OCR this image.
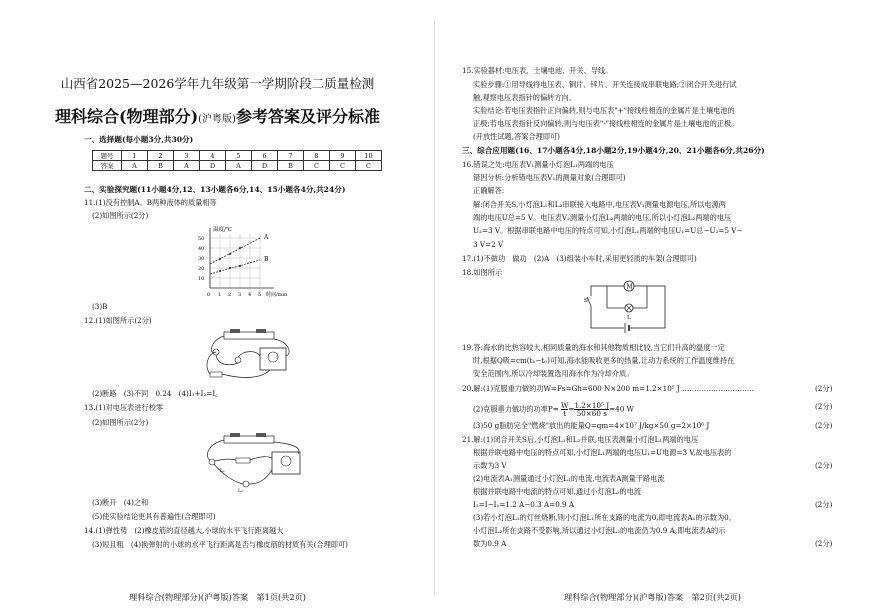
山西省2025—2026学年九年级第一学期阶段二质量检测
理科综合(物理部分)(沪粤版)参考答案及评分标准
一、选择题(每小题3分,共30分)
题号	1	2	3	4	5	6	7	8	9	10
答案	A	B	A	D	A	D	B	C	C	C
二、实验探究题(11小题4分,12、13小题各6分,14、15小题各4分,共24分)
11.(1)没有控制A、B两种液体的质量相等
(2)如图所示(2分)
温度/℃
A
B
50
40
30
20
10
0 1 2 3 4 5 时间/min
(3)B
12.(1)如图所示(2分)
(2)断路　(3)不同　0.24　(4)I₁+I₂=I꜀
13.(1)对电压表进行校零
(2)如图所示(2分)
L₁
L₂
(3)断开　(4)之和
(5)使实验结论更具有普遍性(合理即可)
14.(1)弹性势　(2)橡皮筋的直径越大,小球的水平飞行距离越大
(3)短且粗　(4)换弹射的小球的水平飞行距离是否与橡皮筋的材质有关(合理即可)
理科综合(物理部分)(沪粤版)答案　第1页(共2页)
15.实验器材:电压表、土壤电池、开关、导线。
实验步骤:①用导线将电压表、铜片、锌片、开关连接成串联电路;②闭合开关进行试
触,观察电压表指针的偏转方向。
实验结论:若电压表指针正向偏转,则与电压表"+"接线柱相连的金属片是土壤电池的
正极;若电压表指针反向偏转,则与电压表"-"接线柱相连的金属片是土壤电池的正极。
(开放性试题,答案合理即可)
三、综合应用题(16、17小题各4分,18小题2分,19小题4分,20、21小题各6分,共26分)
16.错误之处:电压表V₁测量小灯泡L₁两端的电压
错因分析:分析错电压表V₁的测量对象(合理即可)
正确解答:
解:闭合开关S,小灯泡L₁和L₂串联接入电路中,电压表V₁测量电源电压,所以电源两
端的电压U总=5 V。电压表V₂测量小灯泡L₂两端的电压,所以小灯泡L₂两端的电压
U₂=3 V。根据串联电路中电压的特点可知,小灯泡L₁两端的电压U₁=U总−U₂=5 V−
3 V=2 V
17.(1)不做功　做功　(2)A　(3)组装小车时,采用更轻质的车架(合理即可)
18.如图所示
M
L
S
19.答:海水的比热容较大,相同质量的海水和其他物质相比较,当它们升高的温度一定
时,根据Q吸=cm(t₁−t₀)可知,海水能吸收更多的热量,让动力系统的工作温度维持在
安全范围内,所以冷却装置选用海水作为冷却介质。
20.解:(1)克服重力做的功W=Fs=Gh=600 N×200 m=1.2×10⁵ J …………………………	(2分)
(2)克服重力做功的功率$P= \frac{W}{t} = \frac{\text{1.2×10⁵ J}}{50\times 60 s} =40$ W	(2分)
(3)50 g脂肪完全"燃烧"放出的能量Q=qm=4×10⁷ J/kg×50 g=2×10⁶ J	(2分)
21.解:(1)闭合开关S后,小灯泡L₁和L₂并联,电压表测量小灯泡L₁两端的电压
根据并联电路中电压的特点可知,小灯泡L₁两端的电压U₁=U电源=3 V,故电压表的
示数为3 V	(2分)
(2)电流表A₁测量通过小灯泡L₁的电流,电流表A测量干路电流
根据并联电路中电流的特点可知,通过小灯泡L₂的电流
I₂=I−I₁=1.2 A−0.3 A=0.9 A	(2分)
(3)若小灯泡L₁的灯丝烧断,则小灯泡L₁所在支路的电流为0,即电流表A₁的示数为0。
小灯泡L₂所在支路不受影响,所以通过小灯泡L₂的电流仍为0.9 A,即电流表A的示
数为0.9 A	(2分)
理科综合(物理部分)(沪粤版)答案　第2页(共2页)
